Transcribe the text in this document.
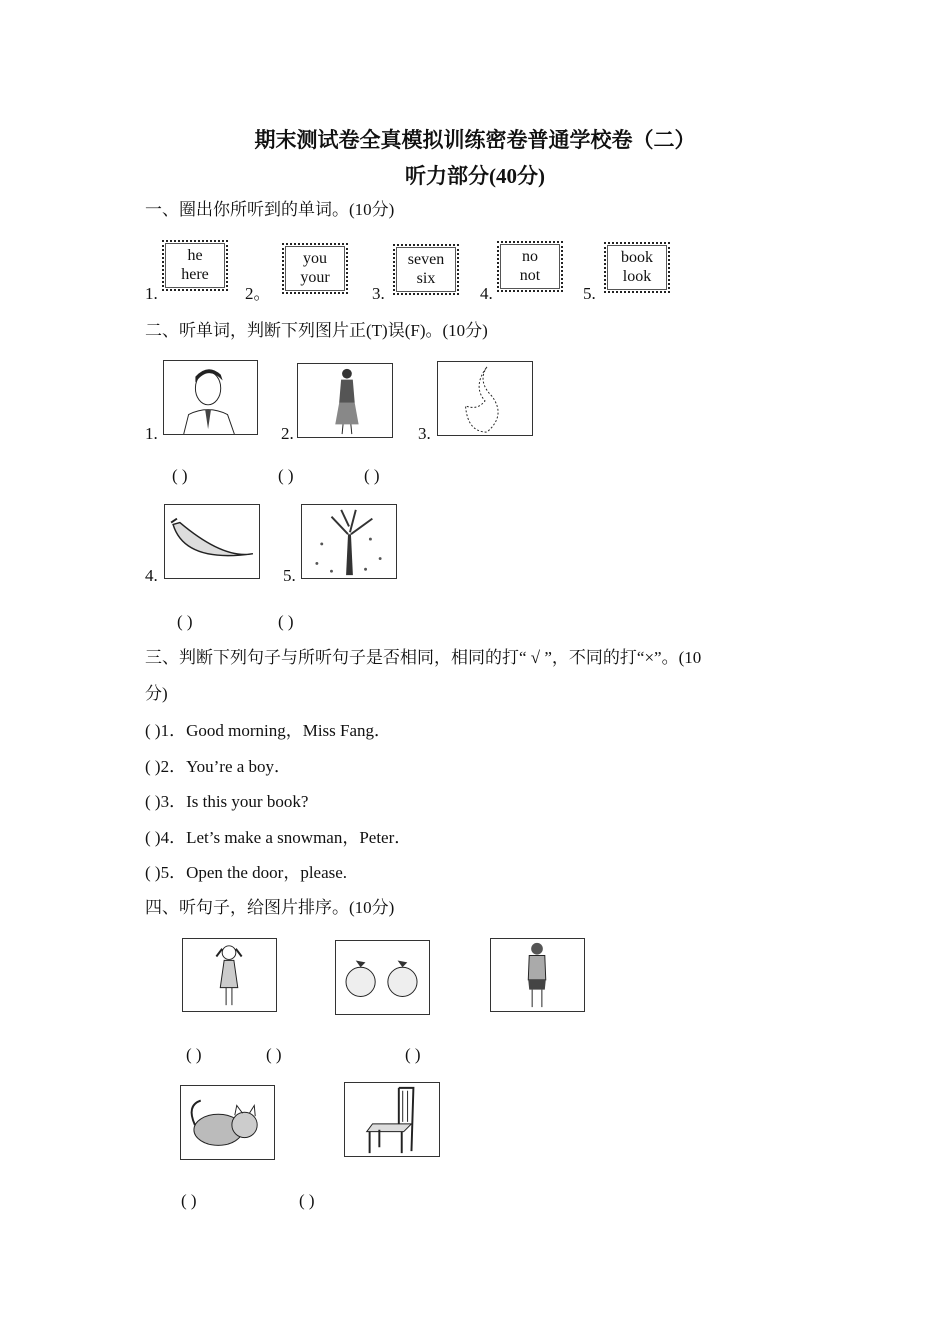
期末测试卷全真模拟训练密卷普通学校卷（二）
听力部分(40分)
一、圈出你所听到的单词。(10分)
1.
he
here
2。
you
your
3.
seven
six
4.
no
not
5.
book
look
二、听单词，判断下列图片正(T)误(F)。(10分)
1.	2.	3.
( )	( )	( )
4.	5.
( )	( )
三、判断下列句子与所听句子是否相同，相同的打“ √ ”，不同的打“×”。(10
分)
( )1．Good morning，Miss Fang．
( )2．You’re a boy．
( )3．Is this your book?
( )4．Let’s make a snowman，Peter．
( )5．Open the door，please.
四、听句子，给图片排序。(10分)
( )	( )	( )
( )	( )
